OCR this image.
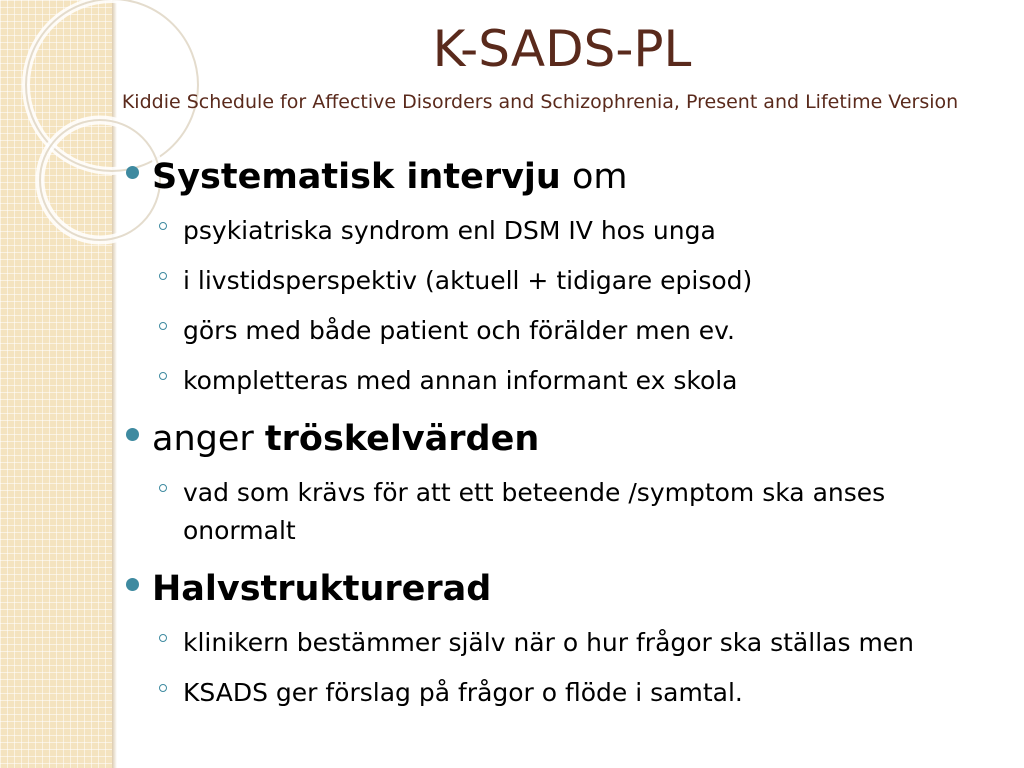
K-SADS-PL
Kiddie Schedule for Affective Disorders and Schizophrenia, Present and Lifetime Version
Systematisk intervju om
psykiatriska syndrom enl DSM IV hos unga
i livstidsperspektiv (aktuell + tidigare episod)
görs med både patient och förälder men ev.
kompletteras med annan informant ex skola
anger tröskelvärden
vad som krävs för att ett beteende /symptom ska anses onormalt
Halvstrukturerad
klinikern bestämmer själv när o hur frågor ska ställas men
KSADS ger förslag på frågor o flöde i samtal.
